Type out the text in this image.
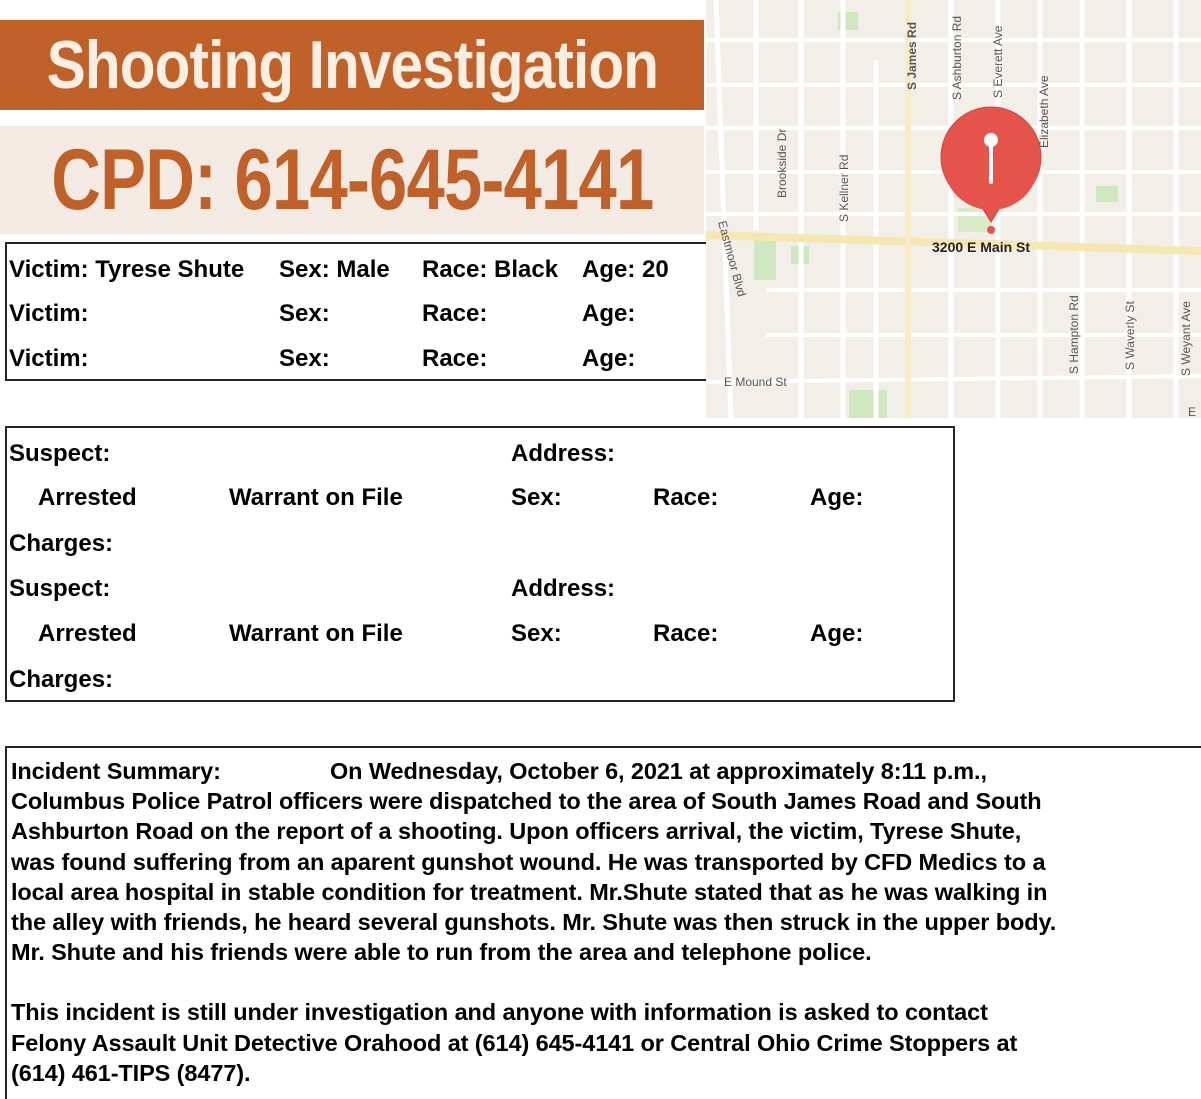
Shooting Investigation
CPD: 614-645-4141
Victim: Tyrese Shute Sex: Male Race: Black Age: 20
Victim:	Sex:	Race:	Age:
Victim:	Sex:	Race:	Age:
S James Rd	S Ashburton Rd S Everett Ave
Elizabeth Ave
Brookside Dr	S Kellner Rd
Eastmoor Blvd
E Mound St
S Hampton Rd	S Waverly St	S Weyant Ave
E
3200 E Main St
Suspect:	Address:
Arrested	Warrant on File	Sex:	Race:	Age:
Charges:
Suspect:	Address:
Arrested	Warrant on File	Sex:	Race:	Age:
Charges:
Incident Summary:	On Wednesday, October 6, 2021 at approximately 8:11 p.m.,
Columbus Police Patrol officers were dispatched to the area of South James Road and South
Ashburton Road on the report of a shooting. Upon officers arrival, the victim, Tyrese Shute,
was found suffering from an aparent gunshot wound. He was transported by CFD Medics to a
local area hospital in stable condition for treatment. Mr.Shute stated that as he was walking in
the alley with friends, he heard several gunshots. Mr. Shute was then struck in the upper body.
Mr. Shute and his friends were able to run from the area and telephone police.
This incident is still under investigation and anyone with information is asked to contact
Felony Assault Unit Detective Orahood at (614) 645-4141 or Central Ohio Crime Stoppers at
(614) 461-TIPS (8477).
